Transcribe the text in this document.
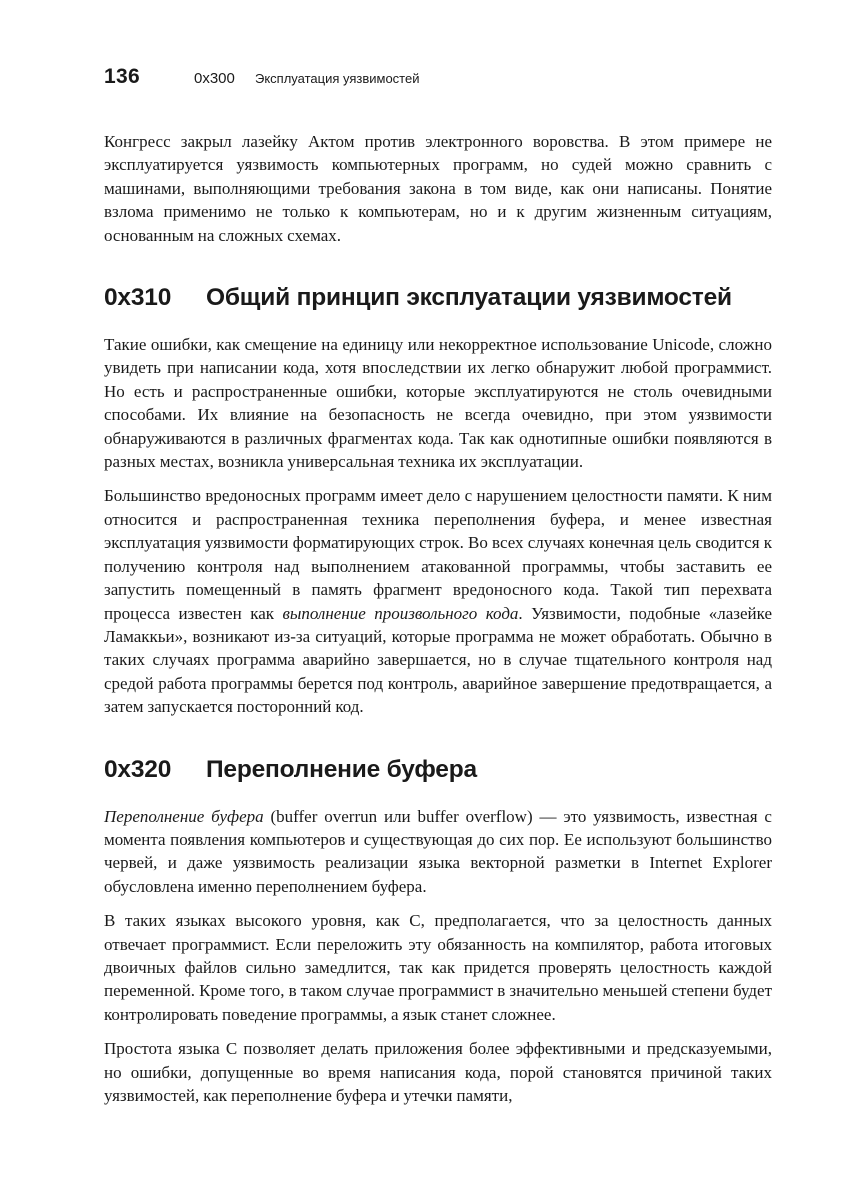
136	0x300 Эксплуатация уязвимостей

Конгресс закрыл лазейку Актом против электронного воровства. В этом примере не эксплуатируется уязвимость компьютерных программ, но судей можно сравнить с машинами, выполняющими требования закона в том виде, как они написаны. Понятие взлома применимо не только к компьютерам, но и к другим жизненным ситуациям, основанным на сложных схемах.

0x310 Общий принцип эксплуатации уязвимостей

Такие ошибки, как смещение на единицу или некорректное использование Unicode, сложно увидеть при написании кода, хотя впоследствии их легко обнаружит любой программист. Но есть и распространенные ошибки, которые эксплуатируются не столь очевидными способами. Их влияние на безопасность не всегда очевидно, при этом уязвимости обнаруживаются в различных фрагментах кода. Так как однотипные ошибки появляются в разных местах, возникла универсальная техника их эксплуатации.

Большинство вредоносных программ имеет дело с нарушением целостности памяти. К ним относится и распространенная техника переполнения буфера, и менее известная эксплуатация уязвимости форматирующих строк. Во всех случаях конечная цель сводится к получению контроля над выполнением атакованной программы, чтобы заставить ее запустить помещенный в память фрагмент вредоносного кода. Такой тип перехвата процесса известен как выполнение произвольного кода. Уязвимости, подобные «лазейке Ламаккьи», возникают из-за ситуаций, которые программа не может обработать. Обычно в таких случаях программа аварийно завершается, но в случае тщательного контроля над средой работа программы берется под контроль, аварийное завершение предотвращается, а затем запускается посторонний код.

0x320 Переполнение буфера

Переполнение буфера (buffer overrun или buffer overflow) — это уязвимость, известная с момента появления компьютеров и существующая до сих пор. Ее используют большинство червей, и даже уязвимость реализации языка векторной разметки в Internet Explorer обусловлена именно переполнением буфера.

В таких языках высокого уровня, как C, предполагается, что за целостность данных отвечает программист. Если переложить эту обязанность на компилятор, работа итоговых двоичных файлов сильно замедлится, так как придется проверять целостность каждой переменной. Кроме того, в таком случае программист в значительно меньшей степени будет контролировать поведение программы, а язык станет сложнее.

Простота языка C позволяет делать приложения более эффективными и предсказуемыми, но ошибки, допущенные во время написания кода, порой становятся причиной таких уязвимостей, как переполнение буфера и утечки памяти,
